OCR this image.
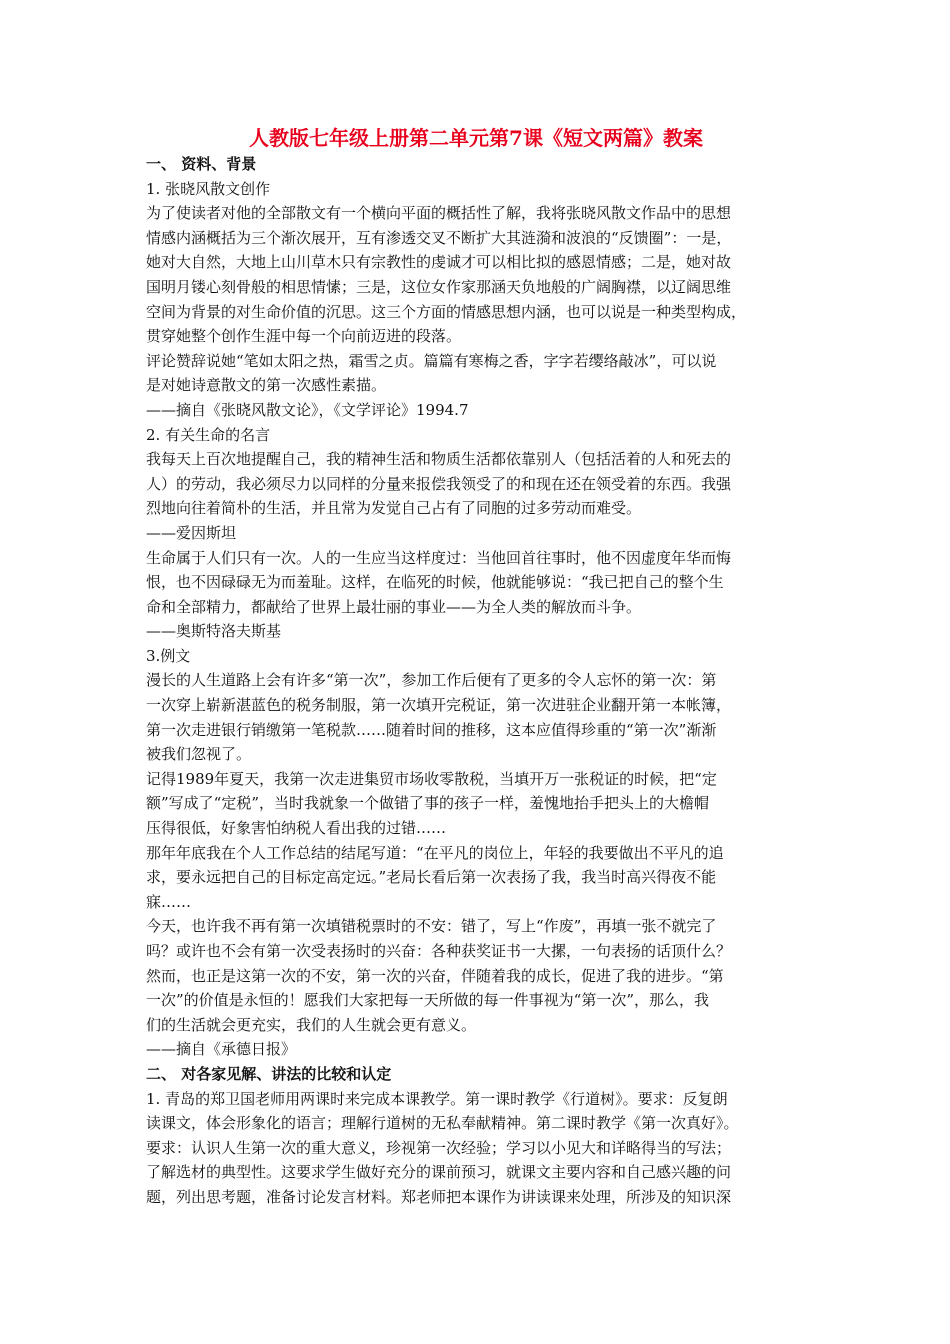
人教版七年级上册第二单元第7课《短文两篇》教案

一、 资料、背景

1. 张晓风散文创作

为了使读者对他的全部散文有一个横向平面的概括性了解，我将张晓风散文作品中的思想

情感内涵概括为三个渐次展开，互有渗透交叉不断扩大其涟漪和波浪的“反馈圈”：一是，

她对大自然，大地上山川草木只有宗教性的虔诚才可以相比拟的感恩情感；二是，她对故

国明月镂心刻骨般的相思情愫；三是，这位女作家那涵天负地般的广阔胸襟，以辽阔思维

空间为背景的对生命价值的沉思。这三个方面的情感思想内涵，也可以说是一种类型构成，

贯穿她整个创作生涯中每一个向前迈进的段落。

评论赞辞说她“笔如太阳之热，霜雪之贞。篇篇有寒梅之香，字字若缨络敲冰”，可以说

是对她诗意散文的第一次感性素描。

——摘自《张晓风散文论》，《文学评论》1994.7

2. 有关生命的名言

我每天上百次地提醒自己，我的精神生活和物质生活都依靠别人（包括活着的人和死去的

人）的劳动，我必须尽力以同样的分量来报偿我领受了的和现在还在领受着的东西。我强

烈地向往着简朴的生活，并且常为发觉自己占有了同胞的过多劳动而难受。

——爱因斯坦

生命属于人们只有一次。人的一生应当这样度过：当他回首往事时，他不因虚度年华而悔

恨，也不因碌碌无为而羞耻。这样，在临死的时候，他就能够说：“我已把自己的整个生

命和全部精力，都献给了世界上最壮丽的事业——为全人类的解放而斗争。

——奥斯特洛夫斯基

3.例文

漫长的人生道路上会有许多“第一次”，参加工作后便有了更多的令人忘怀的第一次：第

一次穿上崭新湛蓝色的税务制服，第一次填开完税证，第一次进驻企业翻开第一本帐簿，

第一次走进银行销缴第一笔税款……随着时间的推移，这本应值得珍重的“第一次”渐渐

被我们忽视了。

记得1989年夏天，我第一次走进集贸市场收零散税，当填开万一张税证的时候，把“定

额”写成了“定税”，当时我就象一个做错了事的孩子一样，羞愧地抬手把头上的大檐帽

压得很低，好象害怕纳税人看出我的过错……

那年年底我在个人工作总结的结尾写道：“在平凡的岗位上，年轻的我要做出不平凡的追

求，要永远把自己的目标定高定远。”老局长看后第一次表扬了我，我当时高兴得夜不能

寐……

今天，也许我不再有第一次填错税票时的不安：错了，写上“作废”，再填一张不就完了

吗？或许也不会有第一次受表扬时的兴奋：各种获奖证书一大摞，一句表扬的话顶什么？

然而，也正是这第一次的不安，第一次的兴奋，伴随着我的成长，促进了我的进步。“第

一次”的价值是永恒的！愿我们大家把每一天所做的每一件事视为“第一次”，那么，我

们的生活就会更充实，我们的人生就会更有意义。

——摘自《承德日报》

二、 对各家见解、讲法的比较和认定

1. 青岛的郑卫国老师用两课时来完成本课教学。第一课时教学《行道树》。要求：反复朗

读课文，体会形象化的语言；理解行道树的无私奉献精神。第二课时教学《第一次真好》。

要求：认识人生第一次的重大意义，珍视第一次经验；学习以小见大和详略得当的写法；

了解选材的典型性。这要求学生做好充分的课前预习，就课文主要内容和自己感兴趣的问

题，列出思考题，准备讨论发言材料。郑老师把本课作为讲读课来处理，所涉及的知识深
